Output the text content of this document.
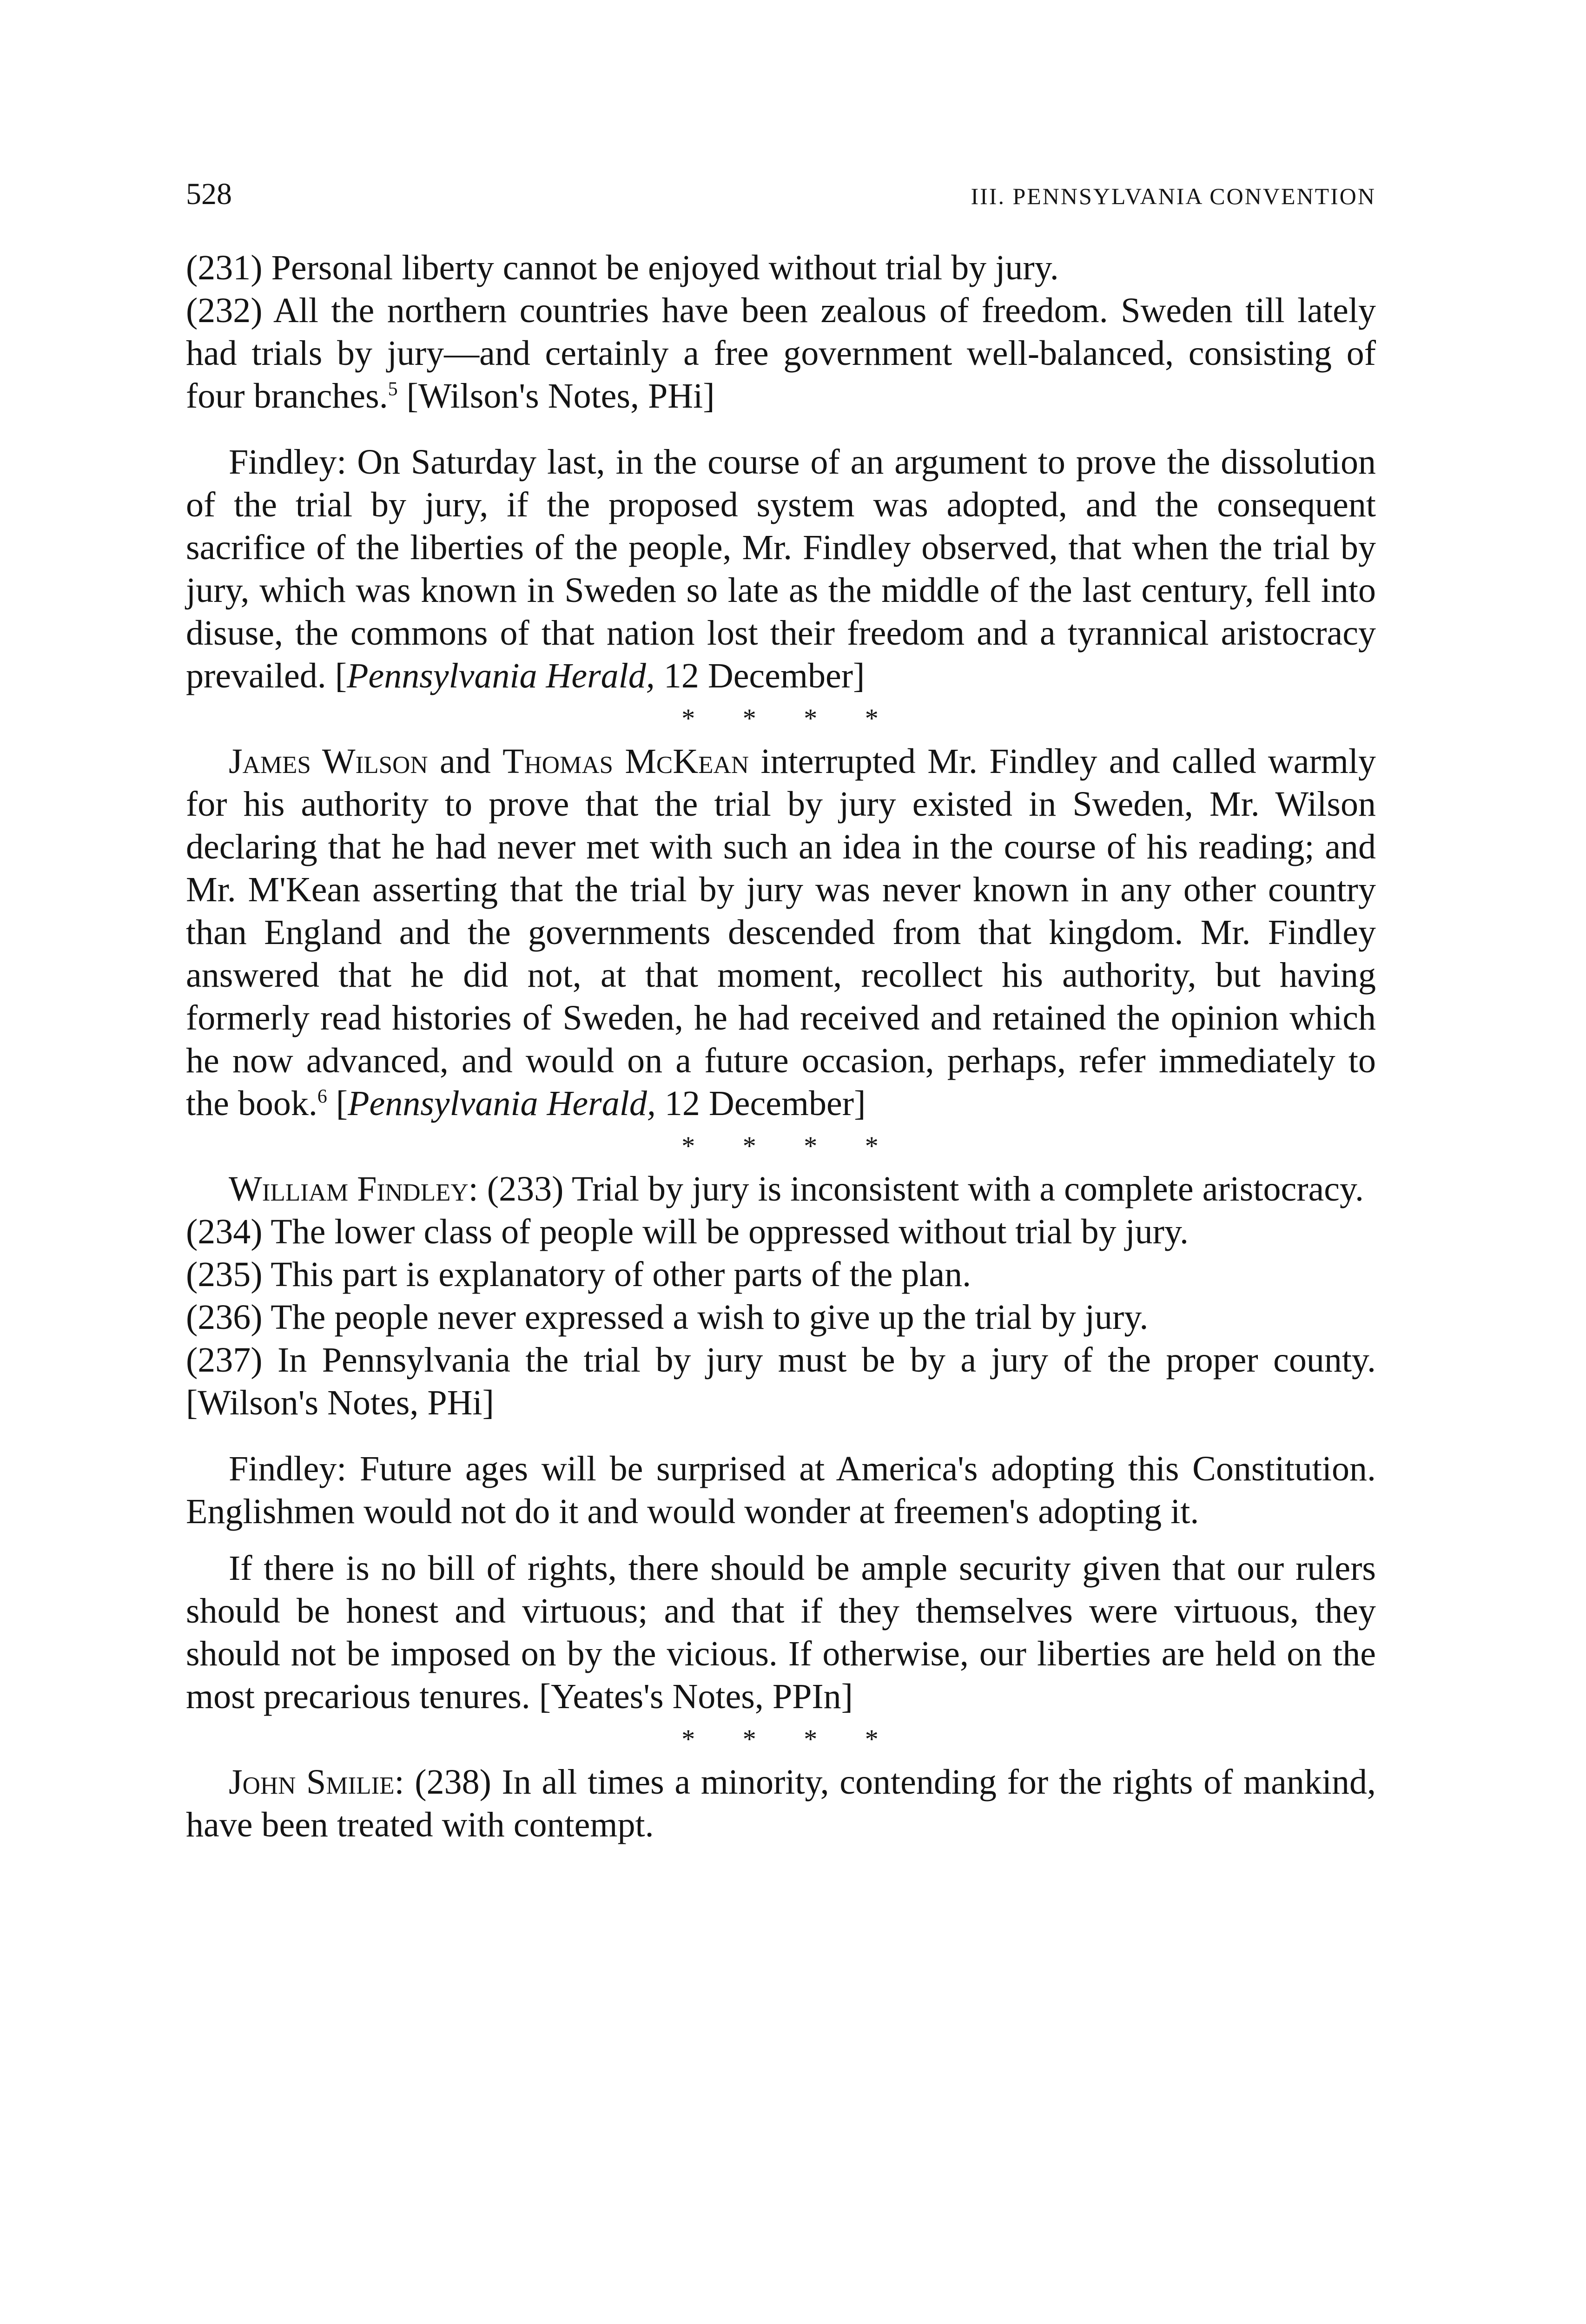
528	III. PENNSYLVANIA CONVENTION

(231) Personal liberty cannot be enjoyed without trial by jury.

(232) All the northern countries have been zealous of freedom. Sweden till lately had trials by jury—and certainly a free government well-balanced, consisting of four branches.$^5$ [Wilson's Notes, PHi]

Findley: On Saturday last, in the course of an argument to prove the dissolution of the trial by jury, if the proposed system was adopted, and the consequent sacrifice of the liberties of the people, Mr. Findley observed, that when the trial by jury, which was known in Sweden so late as the middle of the last century, fell into disuse, the commons of that nation lost their freedom and a tyrannical aristocracy prevailed. [Pennsylvania Herald, 12 December]

* * * *

James Wilson and Thomas McKean interrupted Mr. Findley and called warmly for his authority to prove that the trial by jury existed in Sweden, Mr. Wilson declaring that he had never met with such an idea in the course of his reading; and Mr. M'Kean asserting that the trial by jury was never known in any other country than England and the governments descended from that kingdom. Mr. Findley answered that he did not, at that moment, recollect his authority, but having formerly read histories of Sweden, he had received and retained the opinion which he now advanced, and would on a future occasion, perhaps, refer immediately to the book.$^6$ [Pennsylvania Herald, 12 December]

* * * *

William Findley: (233) Trial by jury is inconsistent with a complete aristocracy.

(234) The lower class of people will be oppressed without trial by jury.

(235) This part is explanatory of other parts of the plan.

(236) The people never expressed a wish to give up the trial by jury.

(237) In Pennsylvania the trial by jury must be by a jury of the proper county. [Wilson's Notes, PHi]

Findley: Future ages will be surprised at America's adopting this Constitution. Englishmen would not do it and would wonder at freemen's adopting it.

If there is no bill of rights, there should be ample security given that our rulers should be honest and virtuous; and that if they themselves were virtuous, they should not be imposed on by the vicious. If otherwise, our liberties are held on the most precarious tenures. [Yeates's Notes, PPIn]

* * * *

John Smilie: (238) In all times a minority, contending for the rights of mankind, have been treated with contempt.
